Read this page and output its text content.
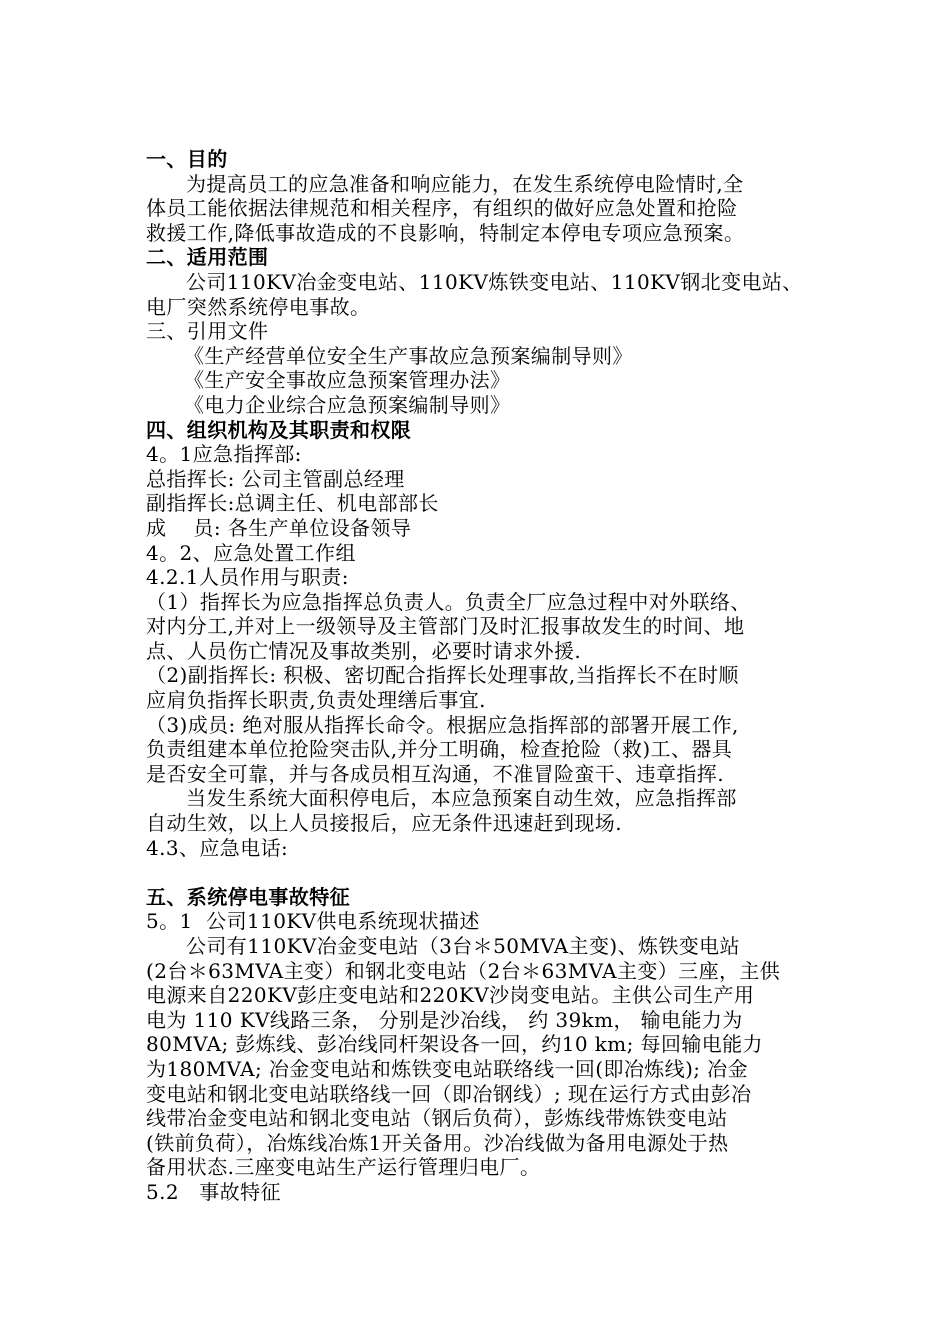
一、目的
为提高员工的应急准备和响应能力，在发生系统停电险情时,全
体员工能依据法律规范和相关程序，有组织的做好应急处置和抢险
救援工作,降低事故造成的不良影响，特制定本停电专项应急预案。
二、适用范围
公司110KV冶金变电站、110KV炼铁变电站、110KV钢北变电站、
电厂突然系统停电事故。
三、引用文件
《生产经营单位安全生产事故应急预案编制导则》
《生产安全事故应急预案管理办法》
《电力企业综合应急预案编制导则》
四、组织机构及其职责和权限
4。1应急指挥部:
总指挥长: 公司主管副总经理
副指挥长:总调主任、机电部部长
成    员: 各生产单位设备领导
4。2、应急处置工作组
4.2.1人员作用与职责:
（1）指挥长为应急指挥总负责人。负责全厂应急过程中对外联络、
对内分工,并对上一级领导及主管部门及时汇报事故发生的时间、地
点、人员伤亡情况及事故类别，必要时请求外援.
（2)副指挥长: 积极、密切配合指挥长处理事故,当指挥长不在时顺
应肩负指挥长职责,负责处理缮后事宜.
（3)成员: 绝对服从指挥长命令。根据应急指挥部的部署开展工作,
负责组建本单位抢险突击队,并分工明确，检查抢险（救)工、器具
是否安全可靠，并与各成员相互沟通，不准冒险蛮干、违章指挥.
当发生系统大面积停电后，本应急预案自动生效，应急指挥部
自动生效，以上人员接报后，应无条件迅速赶到现场.
4.3、应急电话:
五、系统停电事故特征
5。1  公司110KV供电系统现状描述
公司有110KV冶金变电站（3台＊50MVA主变)、炼铁变电站
(2台＊63MVA主变）和钢北变电站（2台＊63MVA主变）三座，主供
电源来自220KV彭庄变电站和220KV沙岗变电站。主供公司生产用
电为 110 KV线路三条， 分别是沙冶线， 约 39km， 输电能力为
80MVA; 彭炼线、彭冶线同杆架设各一回，约10 km; 每回输电能力
为180MVA; 冶金变电站和炼铁变电站联络线一回(即冶炼线); 冶金
变电站和钢北变电站联络线一回（即冶钢线）; 现在运行方式由彭冶
线带冶金变电站和钢北变电站（钢后负荷），彭炼线带炼铁变电站
(铁前负荷），冶炼线冶炼1开关备用。沙冶线做为备用电源处于热
备用状态.三座变电站生产运行管理归电厂。
5.2   事故特征
